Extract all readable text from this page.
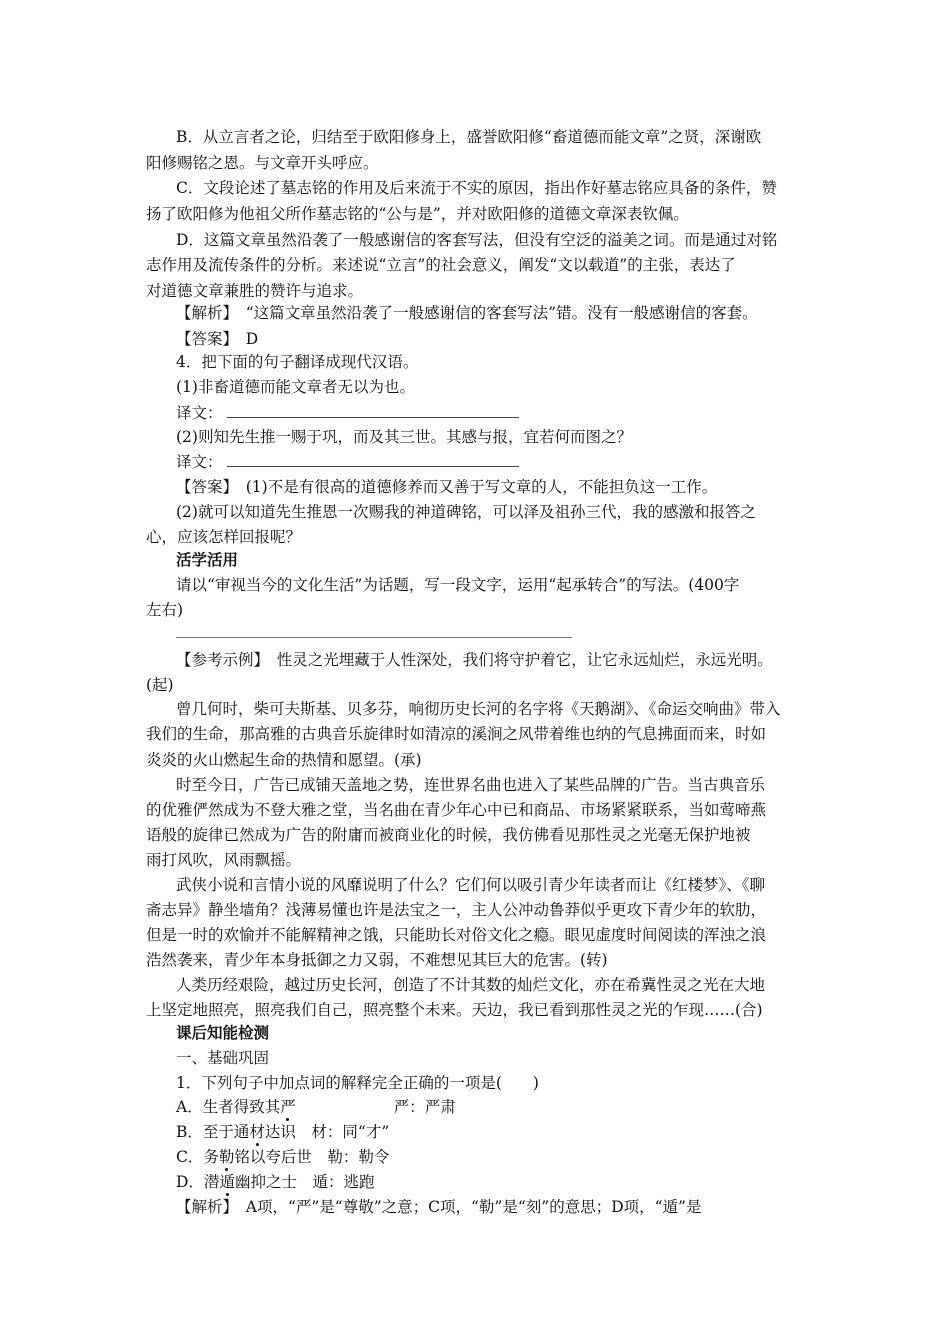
B．从立言者之论，归结至于欧阳修身上，盛誉欧阳修“畜道德而能文章”之贤，深谢欧
阳修赐铭之恩。与文章开头呼应。
C．文段论述了墓志铭的作用及后来流于不实的原因，指出作好墓志铭应具备的条件，赞
扬了欧阳修为他祖父所作墓志铭的“公与是”，并对欧阳修的道德文章深表钦佩。
D．这篇文章虽然沿袭了一般感谢信的客套写法，但没有空泛的溢美之词。而是通过对铭
志作用及流传条件的分析。来述说“立言”的社会意义，阐发“文以载道”的主张，表达了
对道德文章兼胜的赞许与追求。
【解析】　“这篇文章虽然沿袭了一般感谢信的客套写法”错。没有一般感谢信的客套。
【答案】　D
4．把下面的句子翻译成现代汉语。
(1)非畜道德而能文章者无以为也。
译文：
(2)则知先生推一赐于巩，而及其三世。其感与报，宜若何而图之？
译文：
【答案】　(1)不是有很高的道德修养而又善于写文章的人，不能担负这一工作。
(2)就可以知道先生推恩一次赐我的神道碑铭，可以泽及祖孙三代，我的感激和报答之
心，应该怎样回报呢？
活学活用
请以“审视当今的文化生活”为话题，写一段文字，运用“起承转合”的写法。(400字
左右)
【参考示例】　性灵之光埋藏于人性深处，我们将守护着它，让它永远灿烂，永远光明。
(起)
曾几何时，柴可夫斯基、贝多芬，响彻历史长河的名字将《天鹅湖》、《命运交响曲》带入
我们的生命，那高雅的古典音乐旋律时如清凉的溪涧之风带着维也纳的气息拂面而来，时如
炎炎的火山燃起生命的热情和愿望。(承)
时至今日，广告已成铺天盖地之势，连世界名曲也进入了某些品牌的广告。当古典音乐
的优雅俨然成为不登大雅之堂，当名曲在青少年心中已和商品、市场紧紧联系，当如莺啼燕
语般的旋律已然成为广告的附庸而被商业化的时候，我仿佛看见那性灵之光毫无保护地被
雨打风吹，风雨飘摇。
武侠小说和言情小说的风靡说明了什么？它们何以吸引青少年读者而让《红楼梦》、《聊
斋志异》静坐墙角？浅薄易懂也许是法宝之一，主人公冲动鲁莽似乎更攻下青少年的软肋，
但是一时的欢愉并不能解精神之饿，只能助长对俗文化之瘾。眼见虚度时间阅读的浑浊之浪
浩然袭来，青少年本身抵御之力又弱，不难想见其巨大的危害。(转)
人类历经艰险，越过历史长河，创造了不计其数的灿烂文化，亦在希冀性灵之光在大地
上坚定地照亮，照亮我们自己，照亮整个未来。天边，我已看到那性灵之光的乍现……(合)
课后知能检测
一、基础巩固
1．下列句子中加点词的解释完全正确的一项是(　　)
A．生者得致其严	严：严肃
B．至于通材达识　材：同“才”
C．务勒铭以夸后世　勒：勒令
D．潜遁幽抑之士　遁：逃跑
【解析】　A项，“严”是“尊敬”之意；C项，“勒”是“刻”的意思；D项，“遁”是
